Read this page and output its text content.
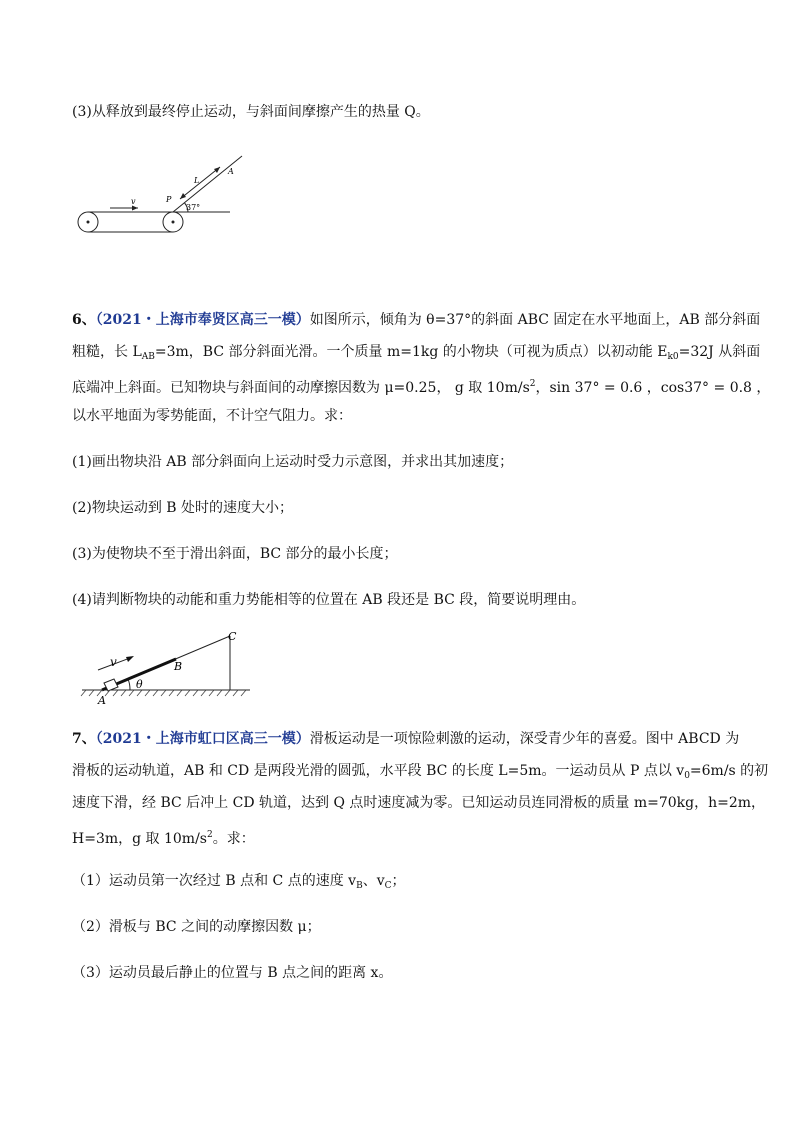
(3)从释放到最终停止运动，与斜面间摩擦产生的热量 Q。
v	P
L
A
37°
6、（2021・上海市奉贤区高三一模）如图所示，倾角为 θ=37°的斜面 ABC 固定在水平地面上，AB 部分斜面
粗糙，长 $L_{AB}=3m$，BC 部分斜面光滑。一个质量 m=1kg 的小物块（可视为质点）以初动能 $E_{k0}=32J$ 从斜面
底端冲上斜面。已知物块与斜面间的动摩擦因数为 μ=0.25， g 取 $10m/s^2$，sin 37° = 0.6 ，cos37° = 0.8 ，
以水平地面为零势能面，不计空气阻力。求：
(1)画出物块沿 AB 部分斜面向上运动时受力示意图，并求出其加速度；
(2)物块运动到 B 处时的速度大小；
(3)为使物块不至于滑出斜面，BC 部分的最小长度；
(4)请判断物块的动能和重力势能相等的位置在 AB 段还是 BC 段，简要说明理由。
v	B
C
A
θ
7、（2021・上海市虹口区高三一模）滑板运动是一项惊险刺激的运动，深受青少年的喜爱。图中 ABCD 为
滑板的运动轨道，AB 和 CD 是两段光滑的圆弧，水平段 BC 的长度 L=5m。一运动员从 P 点以 $v_0=6m/s$ 的初
速度下滑，经 BC 后冲上 CD 轨道，达到 Q 点时速度减为零。已知运动员连同滑板的质量 m=70kg，h=2m，
H=3m，g 取 $10m/s^2$。求：
（1）运动员第一次经过 B 点和 C 点的速度 $v_B$、$v_C$；
（2）滑板与 BC 之间的动摩擦因数 μ；
（3）运动员最后静止的位置与 B 点之间的距离 x。
